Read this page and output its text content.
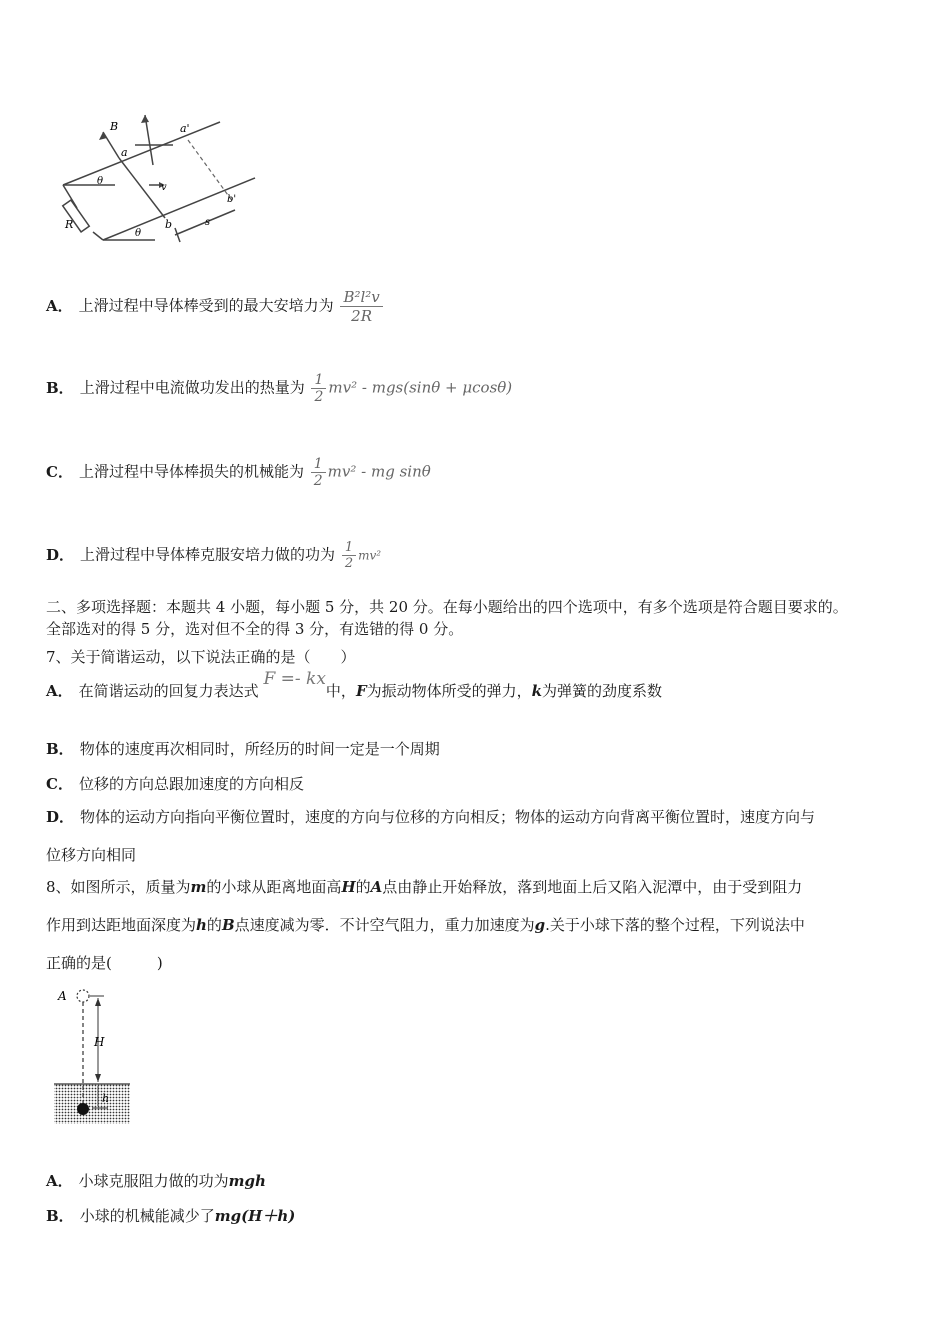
B
a
a'
θ
v
R	b
b'
θ
s
A． 上滑过程中导体棒受到的最大安培力为 $\frac{\text{B²l²v}}{2R}$
B． 上滑过程中电流做功发出的热量为 $\frac{1}{2} mv^2 - mgs(\sin\theta + \mu\cos\theta)$
C． 上滑过程中导体棒损失的机械能为 $\frac{1}{2} mv^2$ - mg sinθ
D． 上滑过程中导体棒克服安培力做的功为 $\frac{1}{2} mv^2$
二、多项选择题：本题共 4 小题，每小题 5 分，共 20 分。在每小题给出的四个选项中，有多个选项是符合题目要求的。
全部选对的得 5 分，选对但不全的得 3 分，有选错的得 0 分。
7、关于简谐运动，以下说法正确的是（　　）
A． 在简谐运动的回复力表达式 F =- kx中，F为振动物体所受的弹力，k为弹簧的劲度系数
B． 物体的速度再次相同时，所经历的时间一定是一个周期
C． 位移的方向总跟加速度的方向相反
D． 物体的运动方向指向平衡位置时，速度的方向与位移的方向相反；物体的运动方向背离平衡位置时，速度方向与
位移方向相同
8、如图所示，质量为m的小球从距离地面高H的A点由静止开始释放，落到地面上后又陷入泥潭中，由于受到阻力
作用到达距地面深度为h的B点速度减为零．不计空气阻力，重力加速度为g.关于小球下落的整个过程，下列说法中
正确的是(　　　)
A
H
h
A． 小球克服阻力做的功为mgh
B． 小球的机械能减少了mg(H＋h)
